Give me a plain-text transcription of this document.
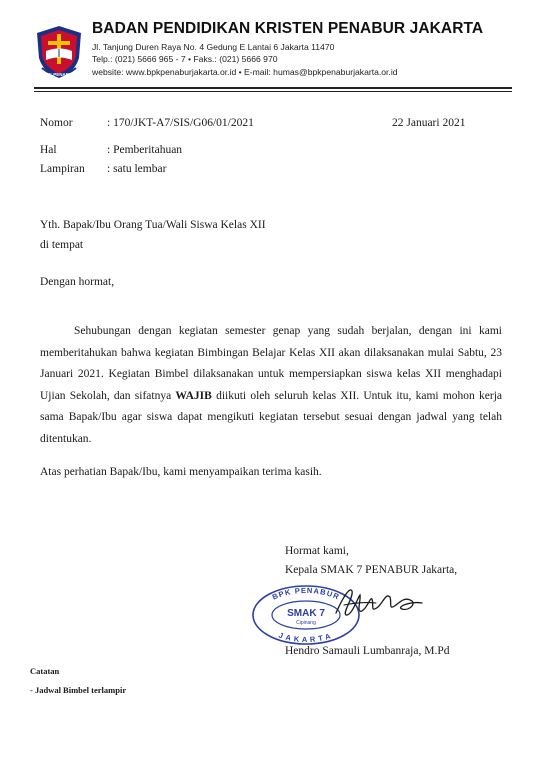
BPK PENABUR
BADAN PENDIDIKAN KRISTEN PENABUR JAKARTA
Jl. Tanjung Duren Raya No. 4 Gedung E Lantai 6 Jakarta 11470
Telp.: (021) 5666 965 - 7 • Faks.: (021) 5666 970
website: www.bpkpenaburjakarta.or.id • E-mail: humas@bpkpenaburjakarta.or.id
Nomor	: 170/JKT-A7/SIS/G06/01/2021	22 Januari 2021
Hal	: Pemberitahuan
Lampiran : satu lembar
Yth. Bapak/Ibu Orang Tua/Wali Siswa Kelas XII
di tempat
Dengan hormat,
Sehubungan dengan kegiatan semester genap yang sudah berjalan, dengan ini kami memberitahukan bahwa kegiatan Bimbingan Belajar Kelas XII akan dilaksanakan mulai Sabtu, 23 Januari 2021. Kegiatan Bimbel dilaksanakan untuk mempersiapkan siswa kelas XII menghadapi Ujian Sekolah, dan sifatnya WAJIB diikuti oleh seluruh kelas XII. Untuk itu, kami mohon kerja sama Bapak/Ibu agar siswa dapat mengikuti kegiatan tersebut sesuai dengan jadwal yang telah ditentukan.
Atas perhatian Bapak/Ibu, kami menyampaikan terima kasih.
Hormat kami,
Kepala SMAK 7 PENABUR Jakarta,
BPK PENABUR
JAKARTA
SMAK 7
Cipinang
Hendro Samauli Lumbanraja, M.Pd
Catatan
- Jadwal Bimbel terlampir
